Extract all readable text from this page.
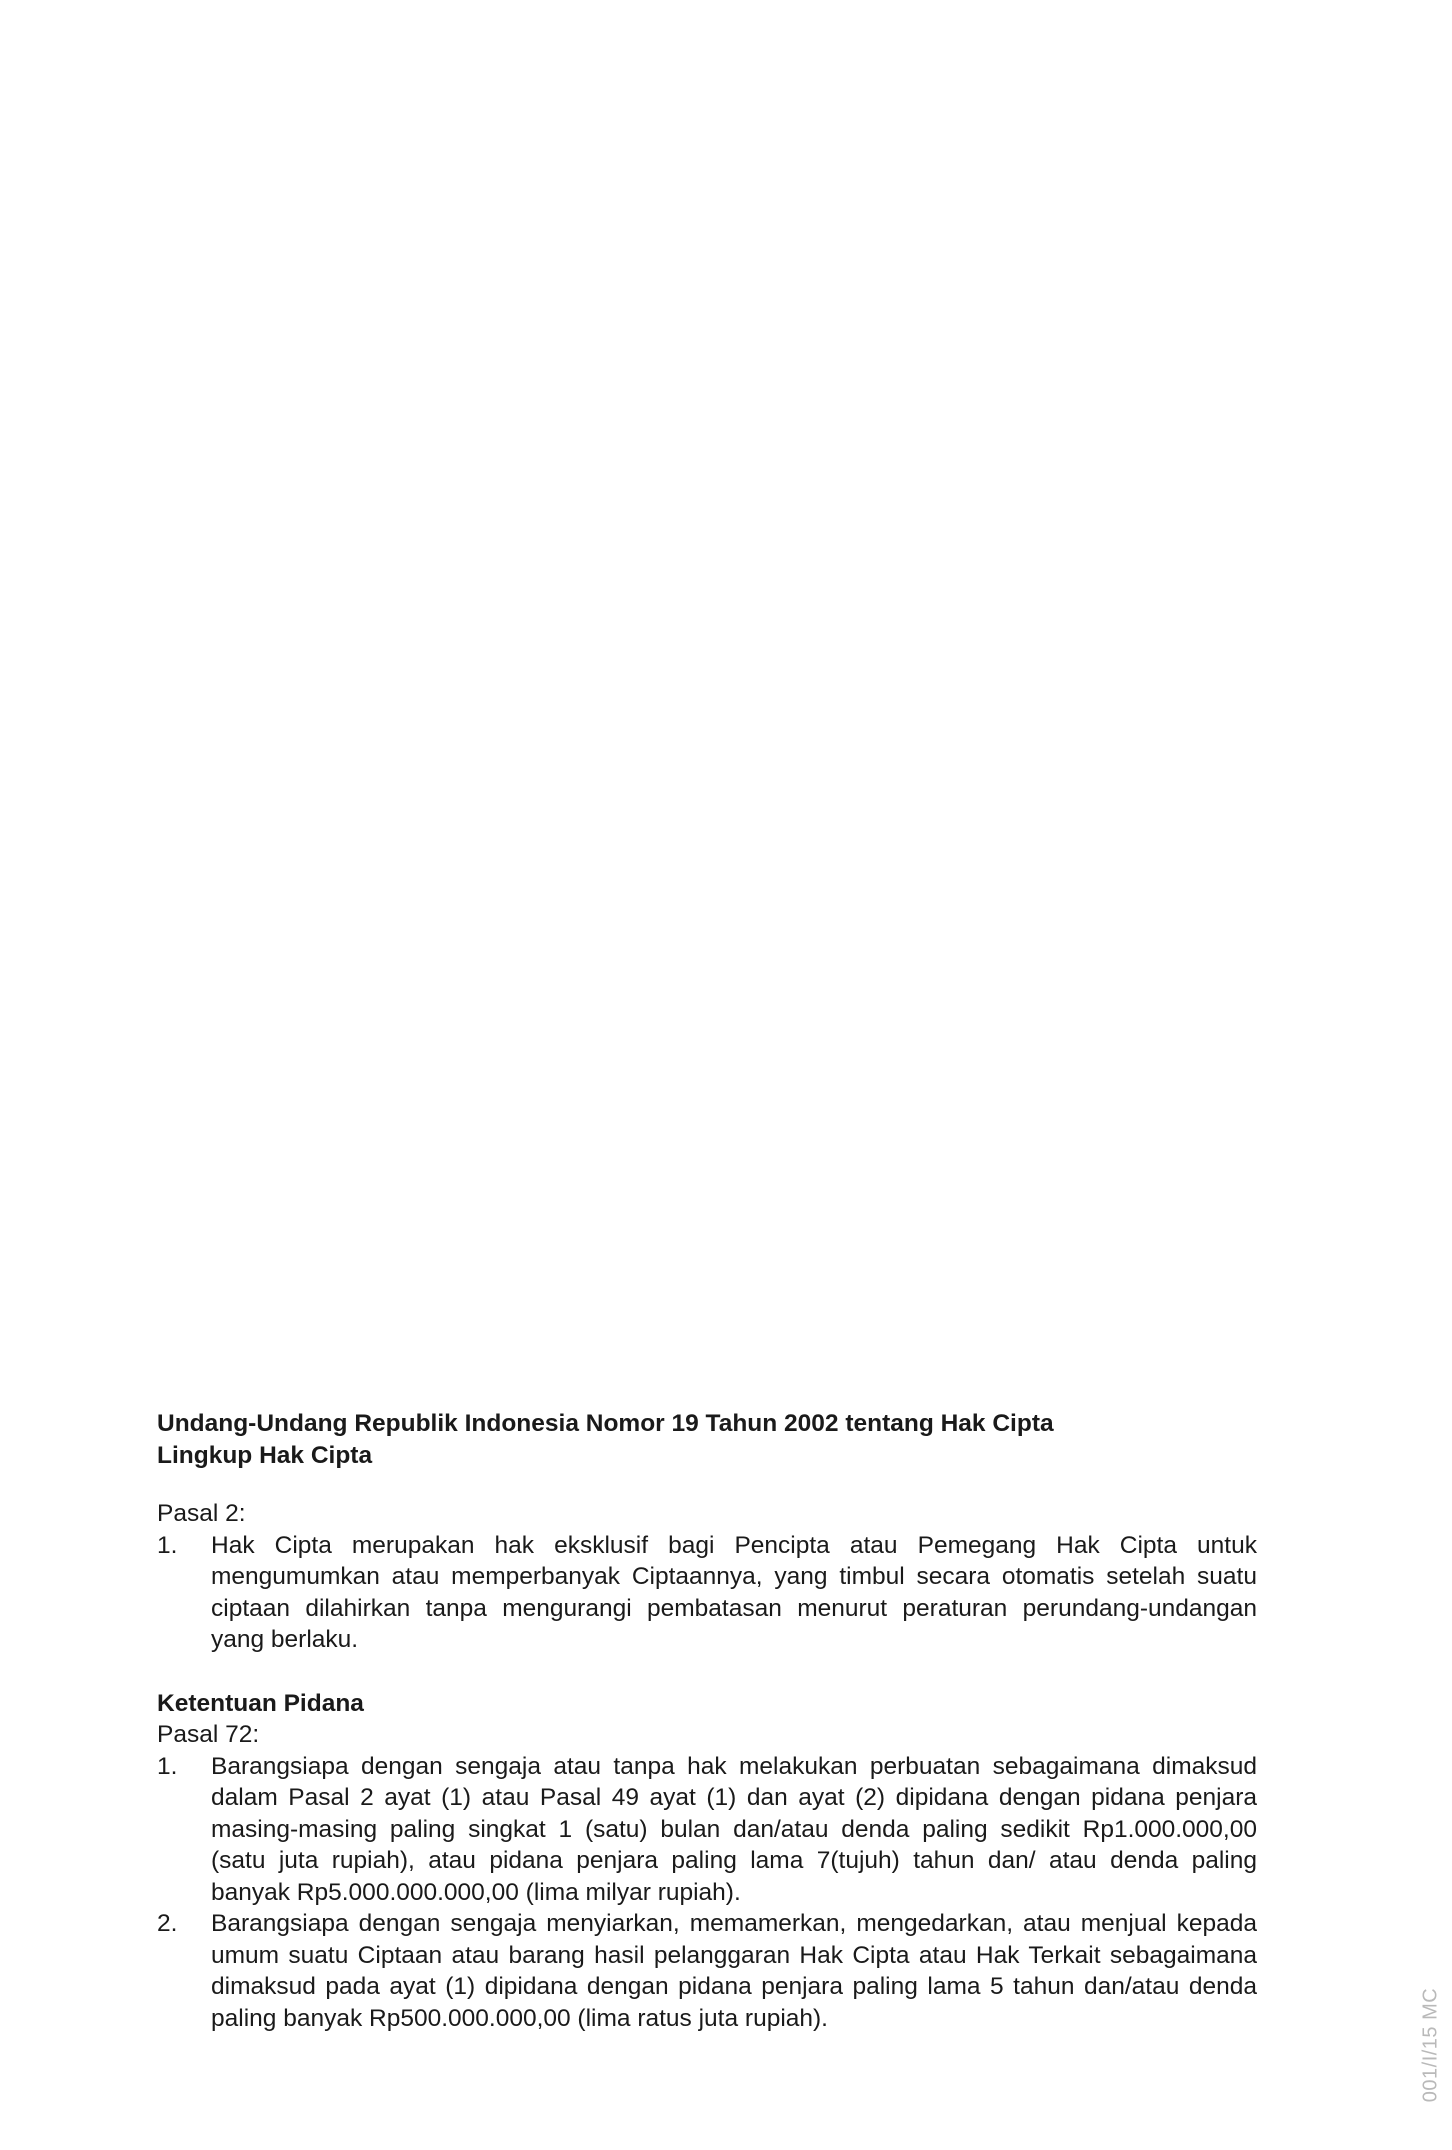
Undang-Undang Republik Indonesia Nomor 19 Tahun 2002 tentang Hak Cipta

Lingkup Hak Cipta

Pasal 2:

1. Hak Cipta merupakan hak eksklusif bagi Pencipta atau Pemegang Hak Cipta untuk mengumumkan atau memperbanyak Ciptaannya, yang timbul secara otomatis setelah suatu ciptaan dilahirkan tanpa mengurangi pembatasan menurut peraturan perundang-undangan yang berlaku.

Ketentuan Pidana

Pasal 72:

1. Barangsiapa dengan sengaja atau tanpa hak melakukan perbuatan sebagaimana dimaksud dalam Pasal 2 ayat (1) atau Pasal 49 ayat (1) dan ayat (2) dipidana dengan pidana penjara masing-masing paling singkat 1 (satu) bulan dan/atau denda paling sedikit Rp1.000.000,00 (satu juta rupiah), atau pidana penjara paling lama 7(tujuh) tahun dan/ atau denda paling banyak Rp5.000.000.000,00 (lima milyar rupiah).
2. Barangsiapa dengan sengaja menyiarkan, memamerkan, mengedarkan, atau menjual kepada umum suatu Ciptaan atau barang hasil pelanggaran Hak Cipta atau Hak Terkait sebagaimana dimaksud pada ayat (1) dipidana dengan pidana penjara paling lama 5 tahun dan/atau denda paling banyak Rp500.000.000,00 (lima ratus juta rupiah).	001/I/15 MC
